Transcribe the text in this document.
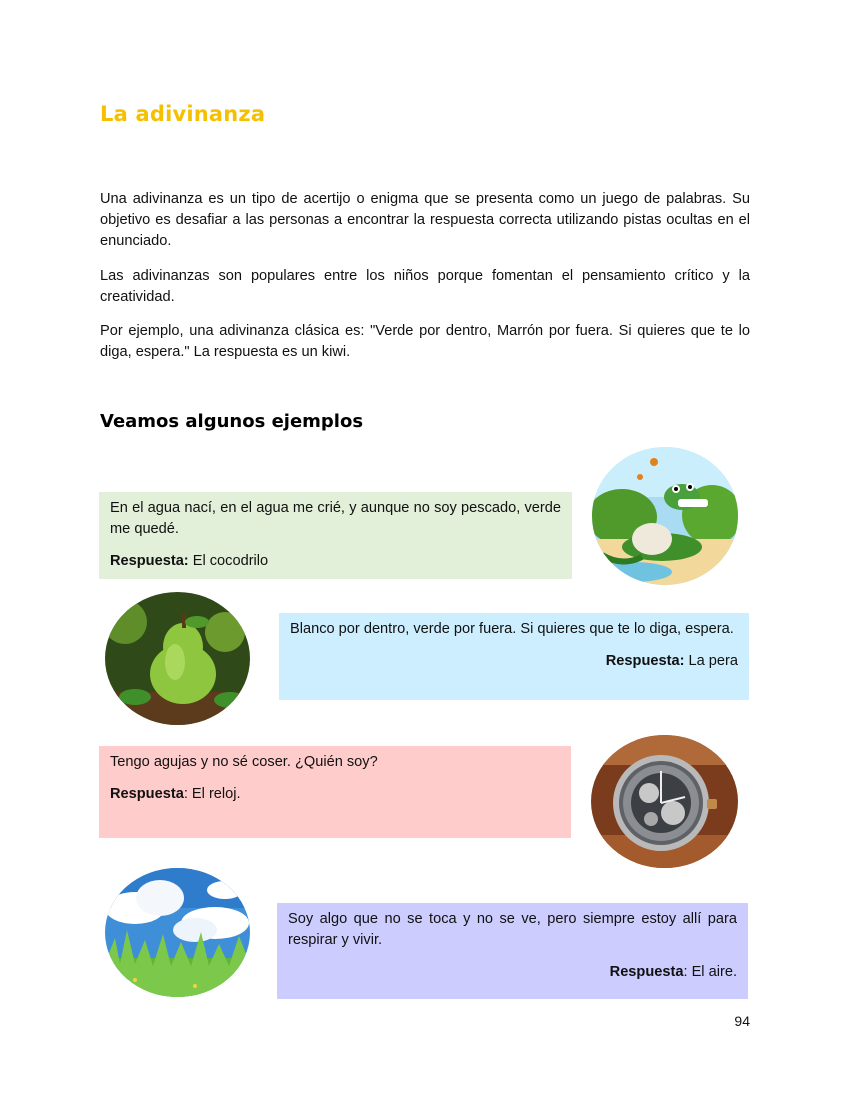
La adivinanza

Una adivinanza es un tipo de acertijo o enigma que se presenta como un juego de palabras. Su objetivo es desafiar a las personas a encontrar la respuesta correcta utilizando pistas ocultas en el enunciado.

Las adivinanzas son populares entre los niños porque fomentan el pensamiento crítico y la creatividad.

Por ejemplo, una adivinanza clásica es: "Verde por dentro, Marrón por fuera. Si quieres que te lo diga, espera." La respuesta es un kiwi.

Veamos algunos ejemplos

En el agua nací, en el agua me crié, y aunque no soy pescado, verde me quedé.

Respuesta: El cocodrilo

Blanco por dentro, verde por fuera. Si quieres que te lo diga, espera.

Respuesta: La pera

Tengo agujas y no sé coser. ¿Quién soy?

Respuesta: El reloj.

Soy algo que no se toca y no se ve, pero siempre estoy allí para respirar y vivir.

Respuesta: El aire.

94
